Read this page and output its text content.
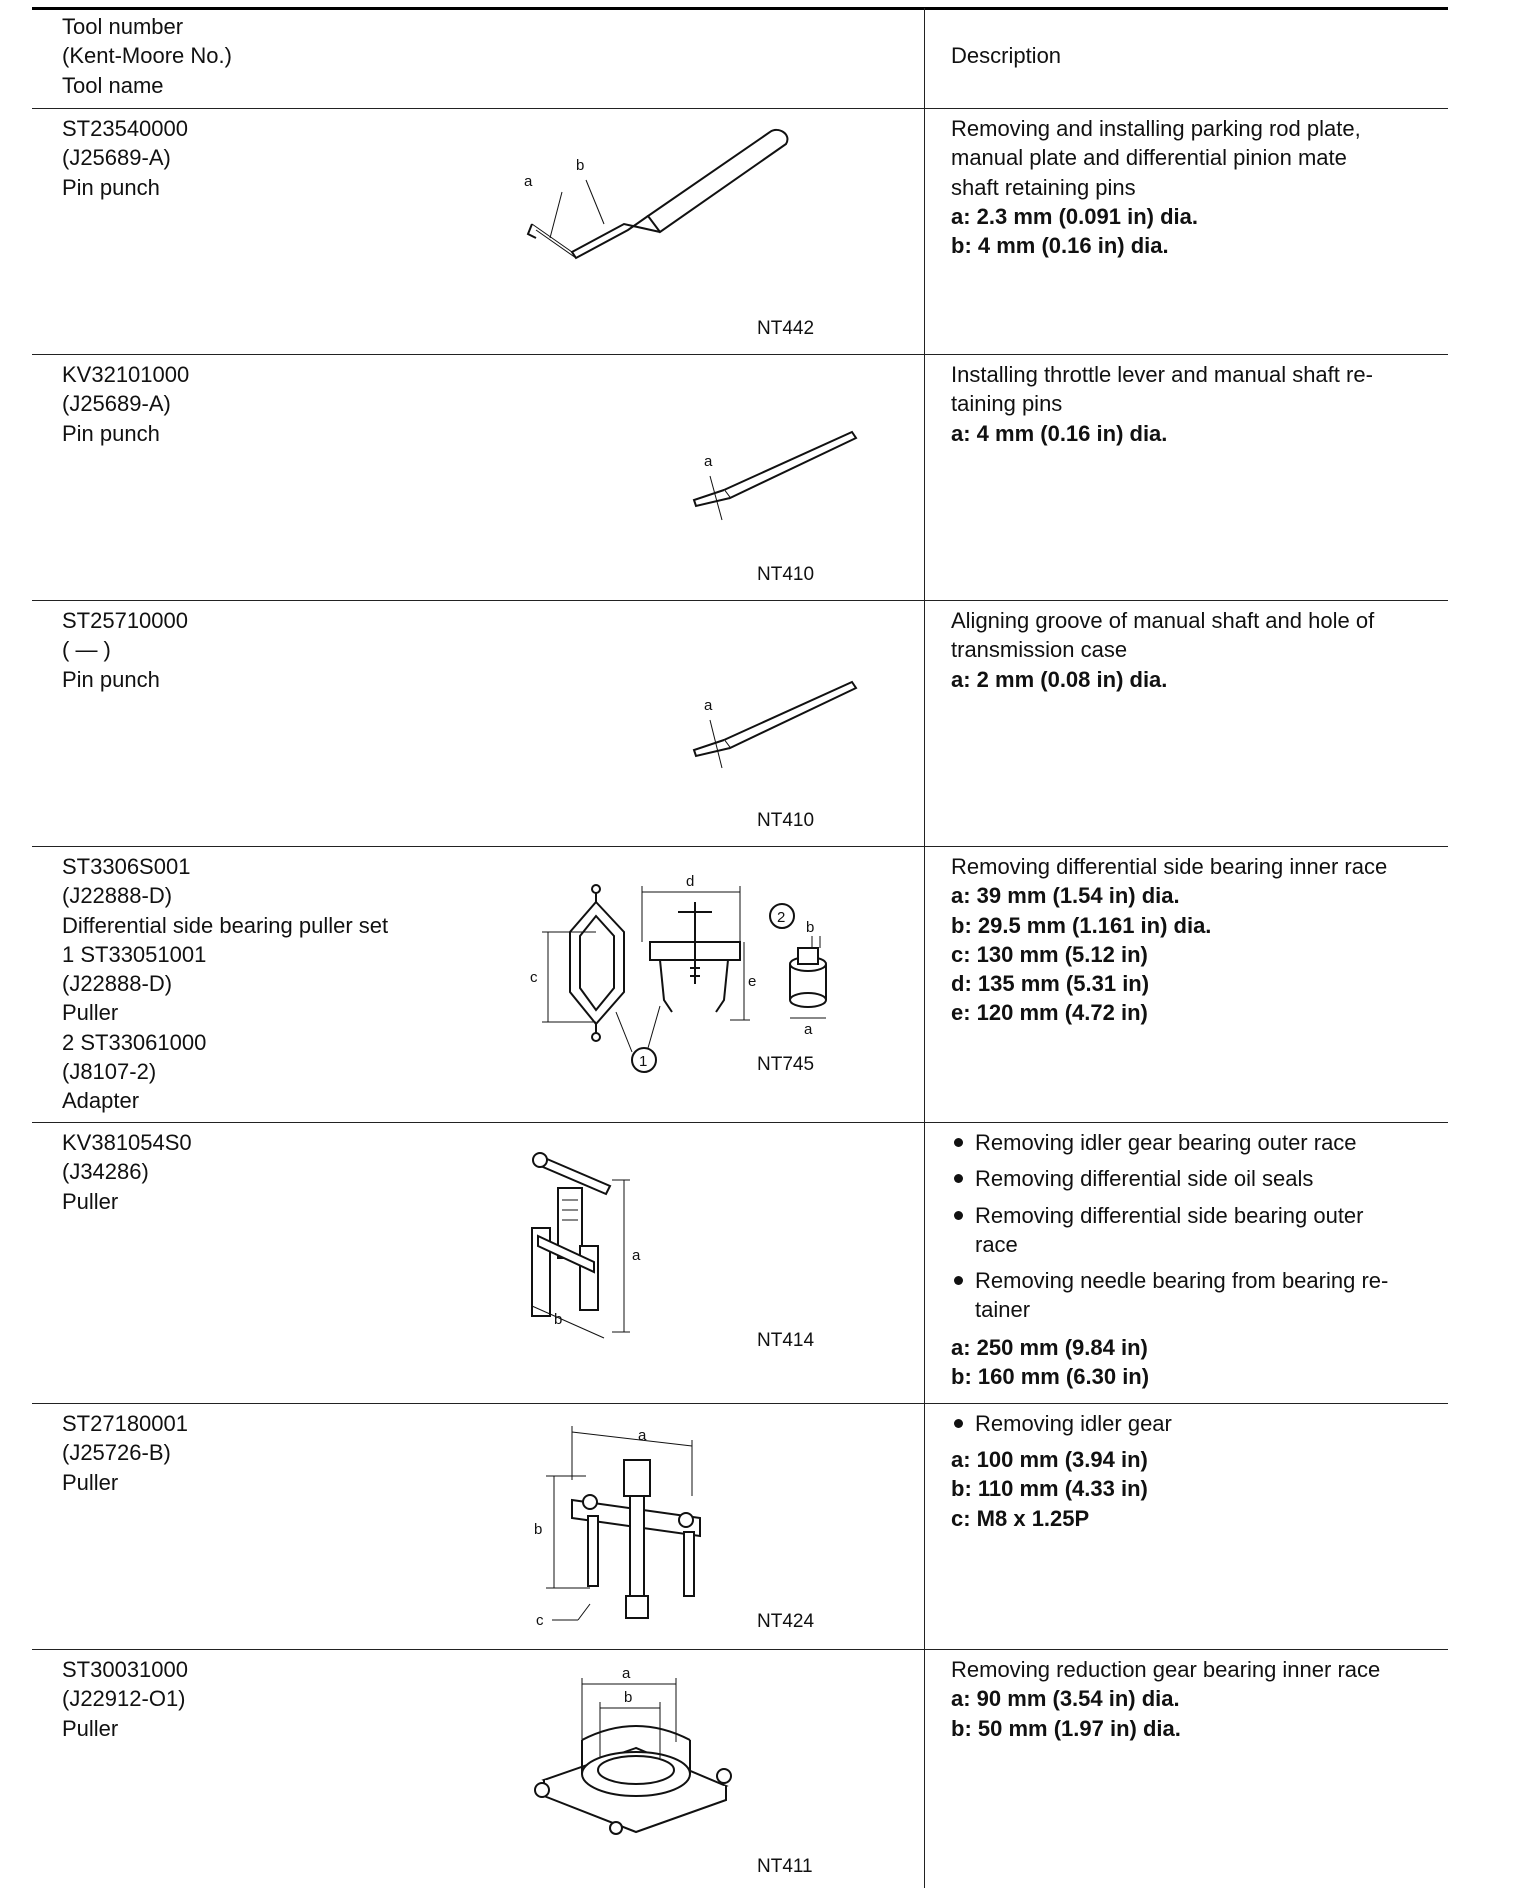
Tool number
(Kent-Moore No.)
Tool name
Description
ST23540000
(J25689-A)
Pin punch	a
b
NT442
Removing and installing parking rod plate,
manual plate and differential pinion mate
shaft retaining pins
a: 2.3 mm (0.091 in) dia.
b: 4 mm (0.16 in) dia.
KV32101000
(J25689-A)
Pin punch
a
NT410
Installing throttle lever and manual shaft re-
taining pins
a: 4 mm (0.16 in) dia.
ST25710000
( — )
Pin punch
a
NT410
Aligning groove of manual shaft and hole of
transmission case
a: 2 mm (0.08 in) dia.
ST3306S001
(J22888-D)
Differential side bearing puller set
1 ST33051001
(J22888-D)
Puller
2 ST33061000
(J8107-2)
Adapter
c
d
e
b
a
1
2
NT745
Removing differential side bearing inner race
a: 39 mm (1.54 in) dia.
b: 29.5 mm (1.161 in) dia.
c: 130 mm (5.12 in)
d: 135 mm (5.31 in)
e: 120 mm (4.72 in)
KV381054S0
(J34286)
Puller
a
b
NT414
Removing idler gear bearing outer race
Removing differential side oil seals
Removing differential side bearing outer
race
Removing needle bearing from bearing re-
tainer
a: 250 mm (9.84 in)
b: 160 mm (6.30 in)
ST27180001
(J25726-B)
Puller
a
b
c	NT424
Removing idler gear
a: 100 mm (3.94 in)
b: 110 mm (4.33 in)
c: M8 x 1.25P
ST30031000
(J22912-O1)
Puller
a
b
NT411
Removing reduction gear bearing inner race
a: 90 mm (3.54 in) dia.
b: 50 mm (1.97 in) dia.
